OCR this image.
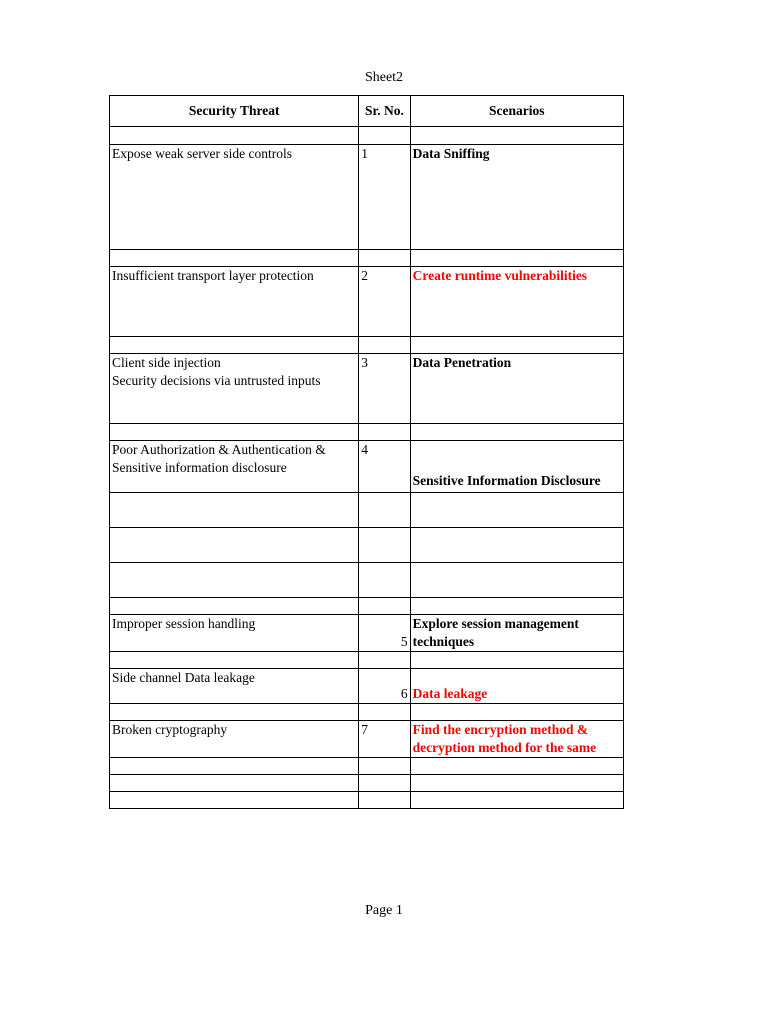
Sheet2
Security Threat	Sr. No.	Scenarios

Expose weak server side controls	1	Data Sniffing

Insufficient transport layer protection	2	Create runtime vulnerabilities

Client side injection
Security decisions via untrusted inputs	3	Data Penetration

Poor Authorization & Authentication &
Sensitive information disclosure	4	Sensitive Information Disclosure

Improper session handling	5	Explore session management
techniques

Side channel Data leakage	6	Data leakage

Broken cryptography	7	Find the encryption method &
decryption method for the same

Page 1
